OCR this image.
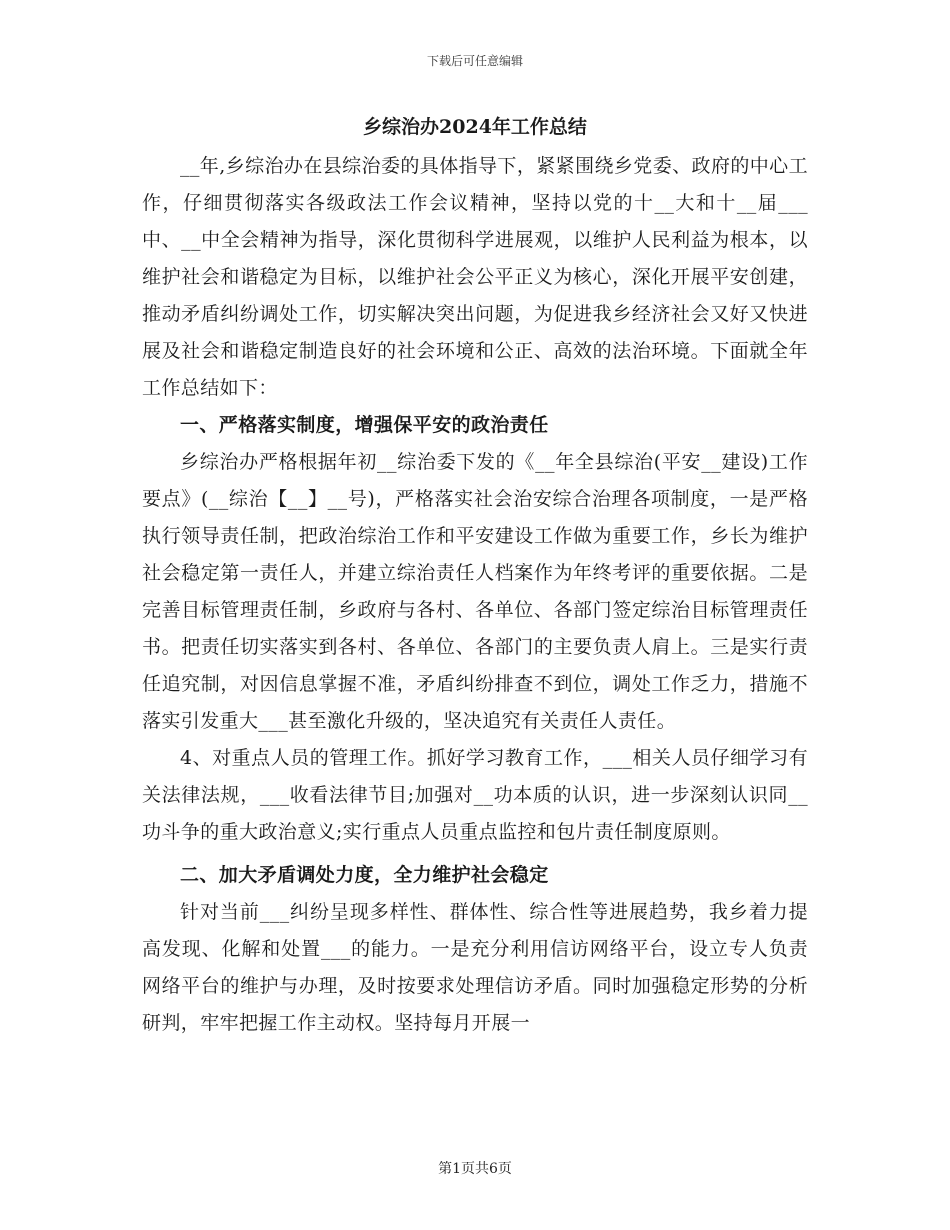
下载后可任意编辑
乡综治办2024年工作总结

__年,乡综治办在县综治委的具体指导下，紧紧围绕乡党委、政府的中心工作，仔细贯彻落实各级政法工作会议精神，坚持以党的十__大和十__届___中、__中全会精神为指导，深化贯彻科学进展观，以维护人民利益为根本，以维护社会和谐稳定为目标，以维护社会公平正义为核心，深化开展平安创建，推动矛盾纠纷调处工作，切实解决突出问题，为促进我乡经济社会又好又快进展及社会和谐稳定制造良好的社会环境和公正、高效的法治环境。下面就全年工作总结如下：

一、严格落实制度，增强保平安的政治责任

乡综治办严格根据年初__综治委下发的《__年全县综治(平安__建设)工作要点》(__综治【__】__号)，严格落实社会治安综合治理各项制度，一是严格执行领导责任制，把政治综治工作和平安建设工作做为重要工作，乡长为维护社会稳定第一责任人，并建立综治责任人档案作为年终考评的重要依据。二是完善目标管理责任制，乡政府与各村、各单位、各部门签定综治目标管理责任书。把责任切实落实到各村、各单位、各部门的主要负责人肩上。三是实行责任追究制，对因信息掌握不准，矛盾纠纷排查不到位，调处工作乏力，措施不落实引发重大___甚至激化升级的，坚决追究有关责任人责任。

4、对重点人员的管理工作。抓好学习教育工作，___相关人员仔细学习有关法律法规，___收看法律节目;加强对__功本质的认识，进一步深刻认识同__功斗争的重大政治意义;实行重点人员重点监控和包片责任制度原则。

二、加大矛盾调处力度，全力维护社会稳定

针对当前___纠纷呈现多样性、群体性、综合性等进展趋势，我乡着力提高发现、化解和处置___的能力。一是充分利用信访网络平台，设立专人负责网络平台的维护与办理，及时按要求处理信访矛盾。同时加强稳定形势的分析研判，牢牢把握工作主动权。坚持每月开展一

第1页共6页
